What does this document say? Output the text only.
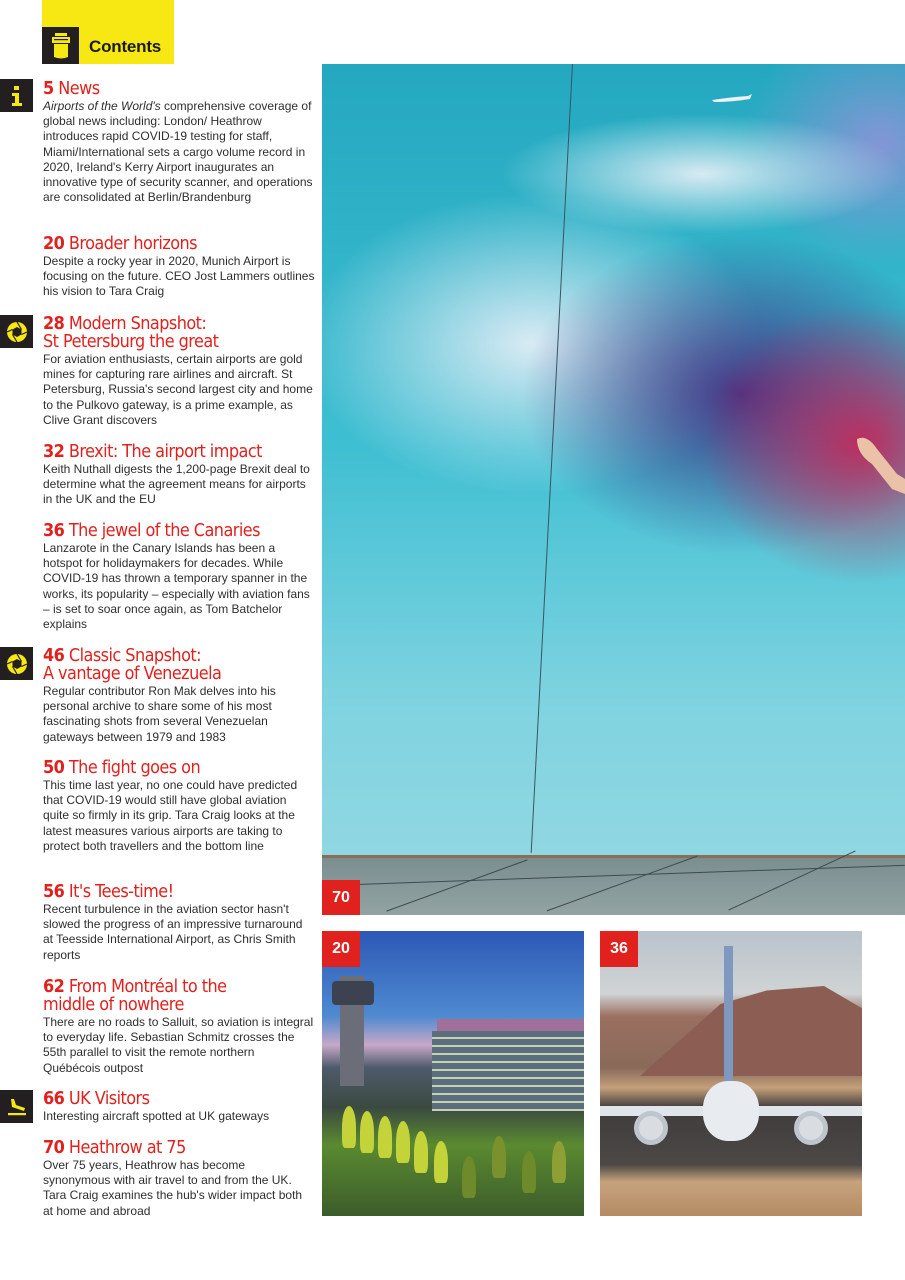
Contents
5 News
Airports of the World's comprehensive coverage of global news including: London/ Heathrow introduces rapid COVID-19 testing for staff, Miami/International sets a cargo volume record in 2020, Ireland's Kerry Airport inaugurates an innovative type of security scanner, and operations are consolidated at Berlin/Brandenburg
20 Broader horizons
Despite a rocky year in 2020, Munich Airport is focusing on the future. CEO Jost Lammers outlines his vision to Tara Craig
28 Modern Snapshot:
St Petersburg the great
For aviation enthusiasts, certain airports are gold mines for capturing rare airlines and aircraft. St Petersburg, Russia's second largest city and home to the Pulkovo gateway, is a prime example, as Clive Grant discovers
32 Brexit: The airport impact
Keith Nuthall digests the 1,200-page Brexit deal to determine what the agreement means for airports in the UK and the EU
36 The jewel of the Canaries
Lanzarote in the Canary Islands has been a hotspot for holidaymakers for decades. While COVID-19 has thrown a temporary spanner in the works, its popularity – especially with aviation fans – is set to soar once again, as Tom Batchelor explains
46 Classic Snapshot:
A vantage of Venezuela
Regular contributor Ron Mak delves into his personal archive to share some of his most fascinating shots from several Venezuelan gateways between 1979 and 1983
50 The fight goes on
This time last year, no one could have predicted that COVID-19 would still have global aviation quite so firmly in its grip. Tara Craig looks at the latest measures various airports are taking to protect both travellers and the bottom line
56 It's Tees-time!
Recent turbulence in the aviation sector hasn't slowed the progress of an impressive turnaround at Teesside International Airport, as Chris Smith reports
62 From Montréal to the
middle of nowhere
There are no roads to Salluit, so aviation is integral to everyday life. Sebastian Schmitz crosses the 55th parallel to visit the remote northern Québécois outpost
66 UK Visitors
Interesting aircraft spotted at UK gateways
70 Heathrow at 75
Over 75 years, Heathrow has become synonymous with air travel to and from the UK. Tara Craig examines the hub's wider impact both at home and abroad
70
20	36
